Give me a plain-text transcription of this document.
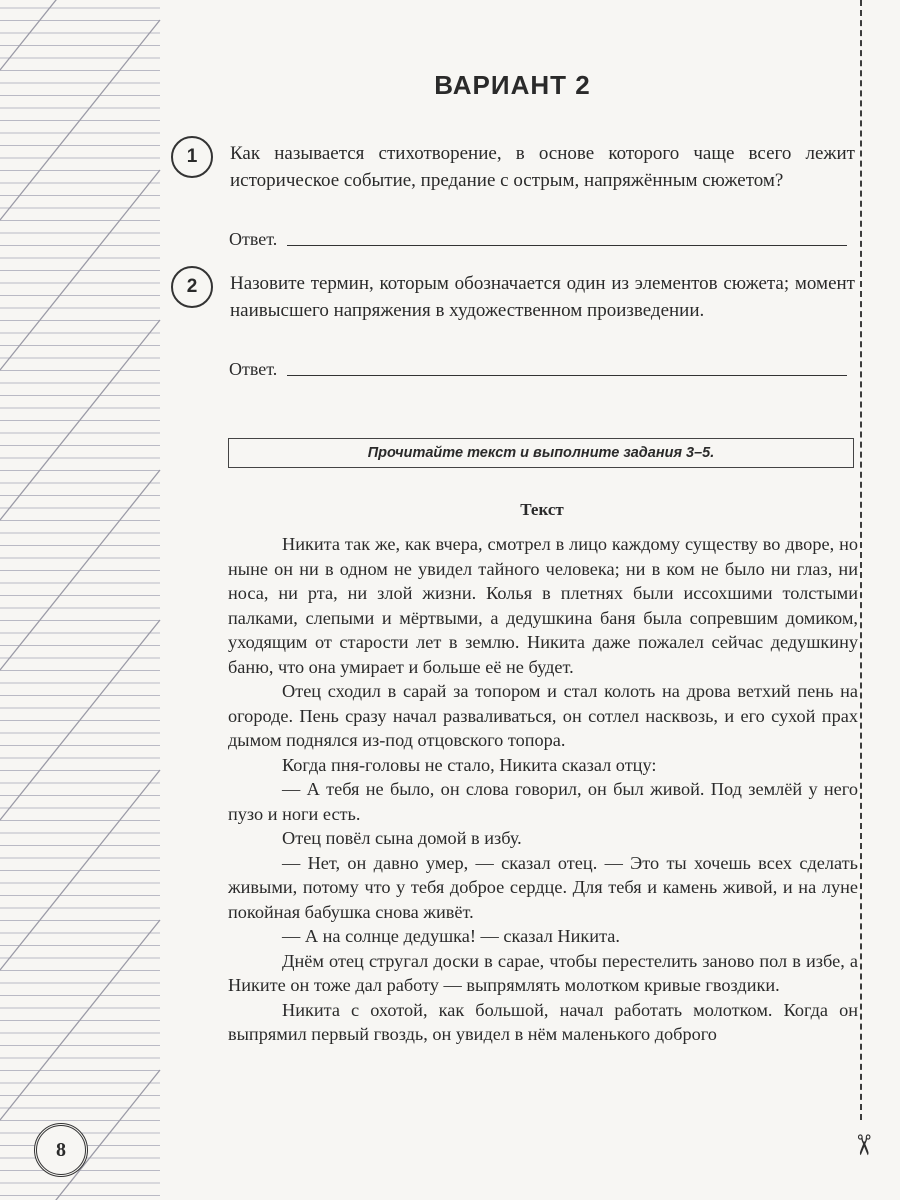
✂
ВАРИАНТ 2
1	Как называется стихотворение, в основе которого чаще всего лежит историческое событие, предание с острым, напряжённым сюжетом?
Ответ.
2	Назовите термин, которым обозначается один из элементов сюжета; момент наивысшего напряжения в художественном произведении.
Ответ.
Прочитайте текст и выполните задания 3–5.
Текст

Никита так же, как вчера, смотрел в лицо каждому существу во дворе, но ныне он ни в одном не увидел тайного человека; ни в ком не было ни глаз, ни носа, ни рта, ни злой жизни. Колья в плетнях были иссохшими толстыми палками, слепыми и мёртвыми, а дедушкина баня была сопревшим домиком, уходящим от старости лет в землю. Никита даже пожалел сейчас дедушкину баню, что она умирает и больше её не будет.

Отец сходил в сарай за топором и стал колоть на дрова ветхий пень на огороде. Пень сразу начал разваливаться, он сотлел насквозь, и его сухой прах дымом поднялся из-под отцовского топора.

Когда пня-головы не стало, Никита сказал отцу:

— А тебя не было, он слова говорил, он был живой. Под землёй у него пузо и ноги есть.

Отец повёл сына домой в избу.

— Нет, он давно умер, — сказал отец. — Это ты хочешь всех сделать живыми, потому что у тебя доброе сердце. Для тебя и камень живой, и на луне покойная бабушка снова живёт.

— А на солнце дедушка! — сказал Никита.

Днём отец стругал доски в сарае, чтобы перестелить заново пол в избе, а Никите он тоже дал работу — выпрямлять молотком кривые гвоздики.

Никита с охотой, как большой, начал работать молотком. Когда он выпрямил первый гвоздь, он увидел в нём маленького доброго

8
